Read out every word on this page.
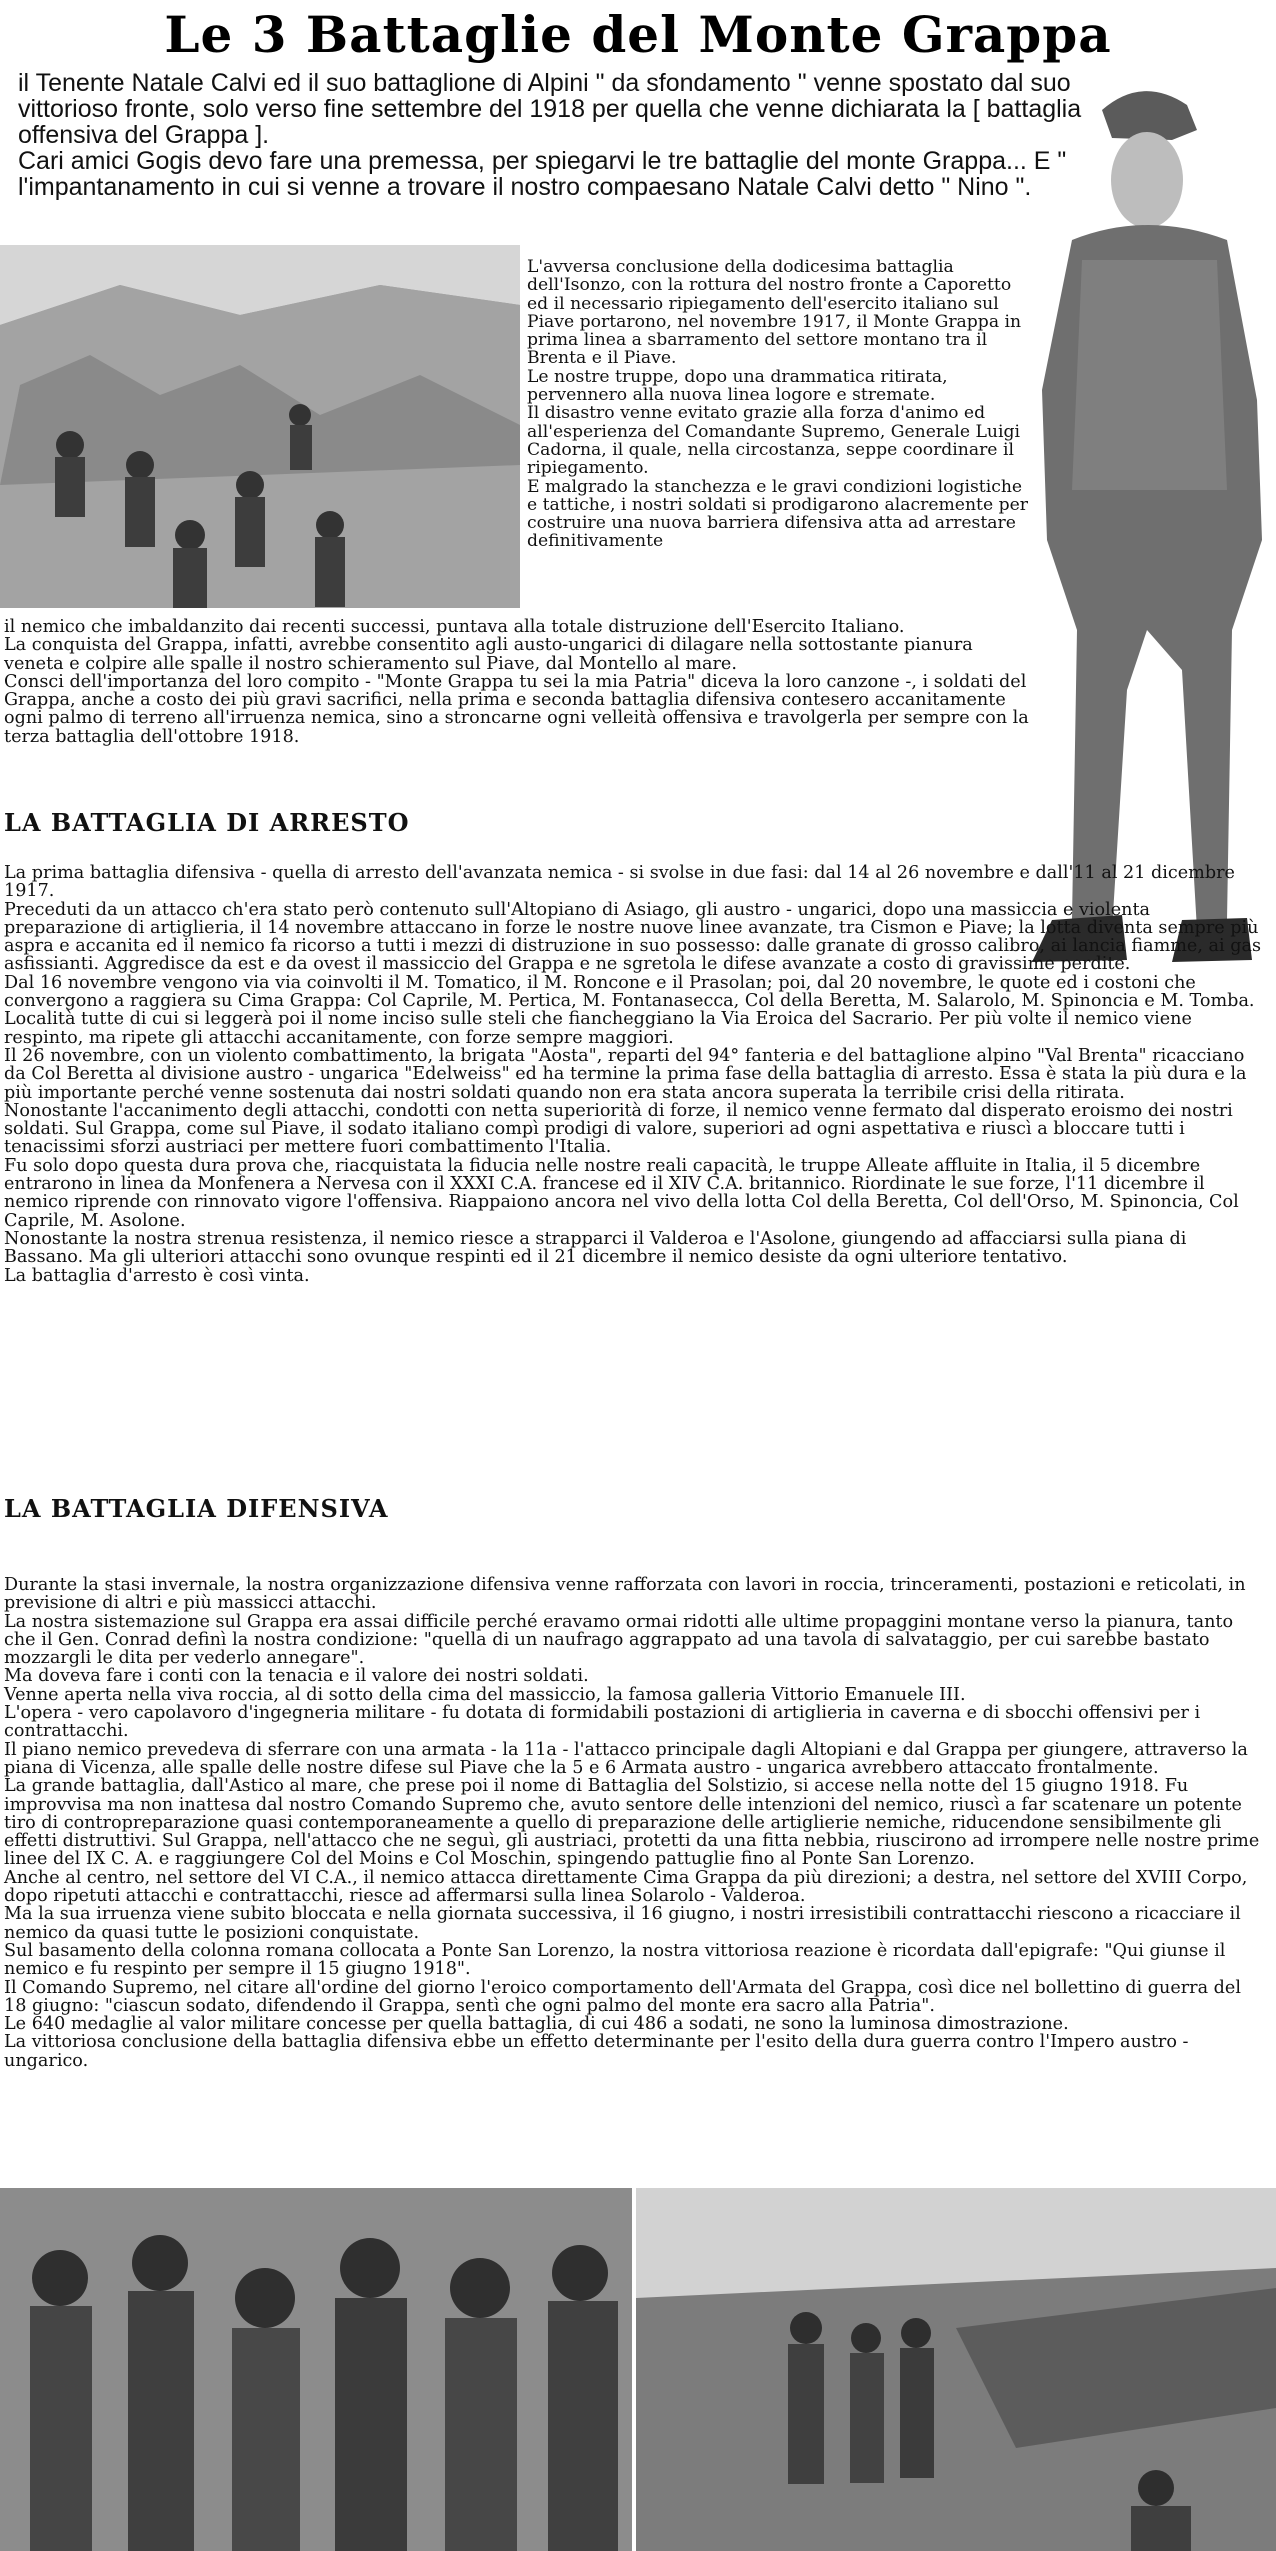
Le 3 Battaglie del Monte Grappa

il Tenente Natale Calvi ed il suo battaglione di Alpini " da sfondamento " venne spostato dal suo vittorioso fronte, solo verso fine settembre del 1918 per quella che venne dichiarata la [ battaglia offensiva del Grappa ].

Cari amici Gogis devo fare una premessa, per spiegarvi le tre battaglie del monte Grappa... E " l'impantanamento in cui si venne a trovare il nostro compaesano Natale Calvi detto " Nino ".

L'avversa conclusione della dodicesima battaglia dell'Isonzo, con la rottura del nostro fronte a Caporetto ed il necessario ripiegamento dell'esercito italiano sul Piave portarono, nel novembre 1917, il Monte Grappa in prima linea a sbarramento del settore montano tra il Brenta e il Piave.

Le nostre truppe, dopo una drammatica ritirata, pervennero alla nuova linea logore e stremate.

Il disastro venne evitato grazie alla forza d'animo ed all'esperienza del Comandante Supremo, Generale Luigi Cadorna, il quale, nella circostanza, seppe coordinare il ripiegamento.

E malgrado la stanchezza e le gravi condizioni logistiche e tattiche, i nostri soldati si prodigarono alacremente per costruire una nuova barriera difensiva atta ad arrestare definitivamente

il nemico che imbaldanzito dai recenti successi, puntava alla totale distruzione dell'Esercito Italiano.

La conquista del Grappa, infatti, avrebbe consentito agli austo-ungarici di dilagare nella sottostante pianura veneta e colpire alle spalle il nostro schieramento sul Piave, dal Montello al mare.

Consci dell'importanza del loro compito - "Monte Grappa tu sei la mia Patria" diceva la loro canzone -, i soldati del Grappa, anche a costo dei più gravi sacrifici, nella prima e seconda battaglia difensiva contesero accanitamente ogni palmo di terreno all'irruenza nemica, sino a stroncarne ogni velleità offensiva e travolgerla per sempre con la terza battaglia dell'ottobre 1918.

LA BATTAGLIA DI ARRESTO

La prima battaglia difensiva - quella di arresto dell'avanzata nemica - si svolse in due fasi: dal 14 al 26 novembre e dall'11 al 21 dicembre 1917.

Preceduti da un attacco ch'era stato però contenuto sull'Altopiano di Asiago, gli austro - ungarici, dopo una massiccia e violenta preparazione di artiglieria, il 14 novembre attaccano in forze le nostre nuove linee avanzate, tra Cismon e Piave; la lotta diventa sempre più aspra e accanita ed il nemico fa ricorso a tutti i mezzi di distruzione in suo possesso: dalle granate di grosso calibro, ai lancia fiamme, ai gas asfissianti. Aggredisce da est e da ovest il massiccio del Grappa e ne sgretola le difese avanzate a costo di gravissime perdite.

Dal 16 novembre vengono via via coinvolti il M. Tomatico, il M. Roncone e il Prasolan; poi, dal 20 novembre, le quote ed i costoni che convergono a raggiera su Cima Grappa: Col Caprile, M. Pertica, M. Fontanasecca, Col della Beretta, M. Salarolo, M. Spinoncia e M. Tomba. Località tutte di cui si leggerà poi il nome inciso sulle steli che fiancheggiano la Via Eroica del Sacrario. Per più volte il nemico viene respinto, ma ripete gli attacchi accanitamente, con forze sempre maggiori.

Il 26 novembre, con un violento combattimento, la brigata "Aosta", reparti del 94° fanteria e del battaglione alpino "Val Brenta" ricacciano da Col Beretta al divisione austro - ungarica "Edelweiss" ed ha termine la prima fase della battaglia di arresto. Essa è stata la più dura e la più importante perché venne sostenuta dai nostri soldati quando non era stata ancora superata la terribile crisi della ritirata.

Nonostante l'accanimento degli attacchi, condotti con netta superiorità di forze, il nemico venne fermato dal disperato eroismo dei nostri soldati. Sul Grappa, come sul Piave, il sodato italiano compì prodigi di valore, superiori ad ogni aspettativa e riuscì a bloccare tutti i tenacissimi sforzi austriaci per mettere fuori combattimento l'Italia.

Fu solo dopo questa dura prova che, riacquistata la fiducia nelle nostre reali capacità, le truppe Alleate affluite in Italia, il 5 dicembre entrarono in linea da Monfenera a Nervesa con il XXXI C.A. francese ed il XIV C.A. britannico. Riordinate le sue forze, l'11 dicembre il nemico riprende con rinnovato vigore l'offensiva. Riappaiono ancora nel vivo della lotta Col della Beretta, Col dell'Orso, M. Spinoncia, Col Caprile, M. Asolone.

Nonostante la nostra strenua resistenza, il nemico riesce a strapparci il Valderoa e l'Asolone, giungendo ad affacciarsi sulla piana di Bassano. Ma gli ulteriori attacchi sono ovunque respinti ed il 21 dicembre il nemico desiste da ogni ulteriore tentativo.

La battaglia d'arresto è così vinta.

LA BATTAGLIA DIFENSIVA

Durante la stasi invernale, la nostra organizzazione difensiva venne rafforzata con lavori in roccia, trinceramenti, postazioni e reticolati, in previsione di altri e più massicci attacchi.

La nostra sistemazione sul Grappa era assai difficile perché eravamo ormai ridotti alle ultime propaggini montane verso la pianura, tanto che il Gen. Conrad definì la nostra condizione: "quella di un naufrago aggrappato ad una tavola di salvataggio, per cui sarebbe bastato mozzargli le dita per vederlo annegare".

Ma doveva fare i conti con la tenacia e il valore dei nostri soldati.

Venne aperta nella viva roccia, al di sotto della cima del massiccio, la famosa galleria Vittorio Emanuele III.

L'opera - vero capolavoro d'ingegneria militare - fu dotata di formidabili postazioni di artiglieria in caverna e di sbocchi offensivi per i contrattacchi.

Il piano nemico prevedeva di sferrare con una armata - la 11a - l'attacco principale dagli Altopiani e dal Grappa per giungere, attraverso la piana di Vicenza, alle spalle delle nostre difese sul Piave che la 5 e 6 Armata austro - ungarica avrebbero attaccato frontalmente.

La grande battaglia, dall'Astico al mare, che prese poi il nome di Battaglia del Solstizio, si accese nella notte del 15 giugno 1918. Fu improvvisa ma non inattesa dal nostro Comando Supremo che, avuto sentore delle intenzioni del nemico, riuscì a far scatenare un potente tiro di contropreparazione quasi contemporaneamente a quello di preparazione delle artiglierie nemiche, riducendone sensibilmente gli effetti distruttivi. Sul Grappa, nell'attacco che ne seguì, gli austriaci, protetti da una fitta nebbia, riuscirono ad irrompere nelle nostre prime linee del IX C. A. e raggiungere Col del Moins e Col Moschin, spingendo pattuglie fino al Ponte San Lorenzo.

Anche al centro, nel settore del VI C.A., il nemico attacca direttamente Cima Grappa da più direzioni; a destra, nel settore del XVIII Corpo, dopo ripetuti attacchi e contrattacchi, riesce ad affermarsi sulla linea Solarolo - Valderoa.

Ma la sua irruenza viene subito bloccata e nella giornata successiva, il 16 giugno, i nostri irresistibili contrattacchi riescono a ricacciare il nemico da quasi tutte le posizioni conquistate.

Sul basamento della colonna romana collocata a Ponte San Lorenzo, la nostra vittoriosa reazione è ricordata dall'epigrafe: "Qui giunse il nemico e fu respinto per sempre il 15 giugno 1918".

Il Comando Supremo, nel citare all'ordine del giorno l'eroico comportamento dell'Armata del Grappa, così dice nel bollettino di guerra del 18 giugno: "ciascun sodato, difendendo il Grappa, sentì che ogni palmo del monte era sacro alla Patria".

Le 640 medaglie al valor militare concesse per quella battaglia, di cui 486 a sodati, ne sono la luminosa dimostrazione.

La vittoriosa conclusione della battaglia difensiva ebbe un effetto determinante per l'esito della dura guerra contro l'Impero austro - ungarico.
